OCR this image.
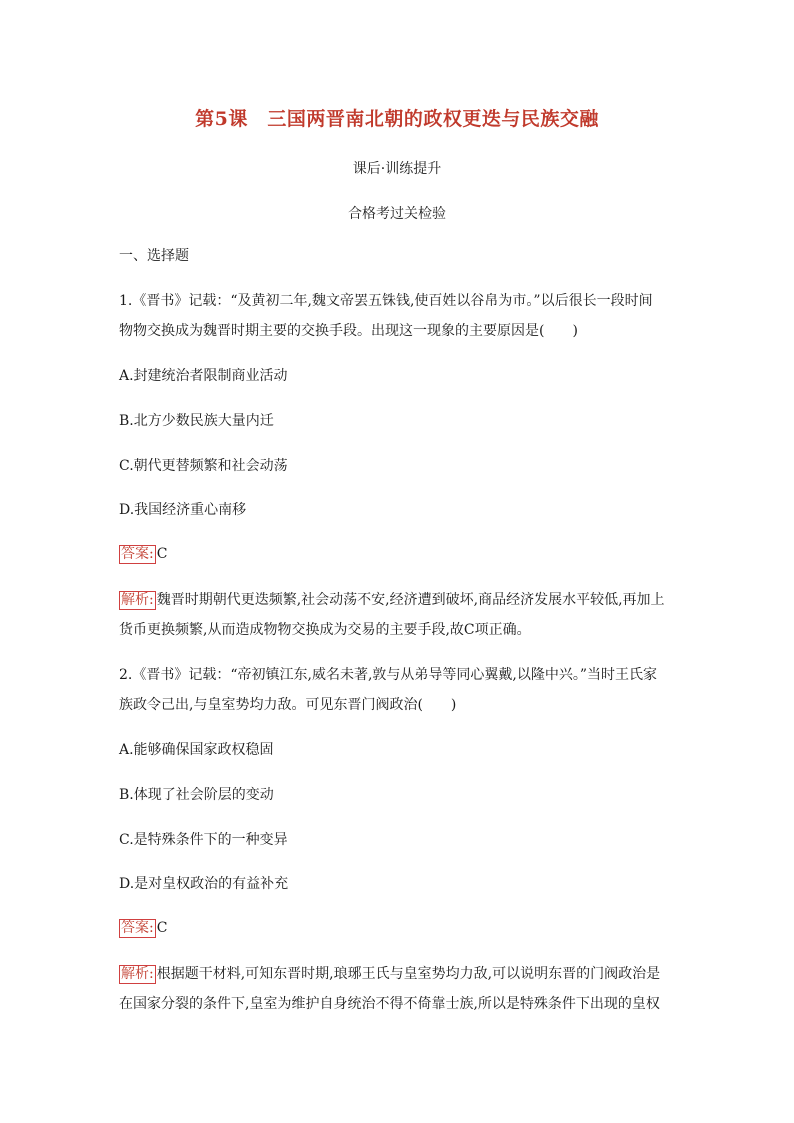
第5课　三国两晋南北朝的政权更迭与民族交融
课后·训练提升
合格考过关检验
一、选择题
1.《晋书》记载：“及黄初二年,魏文帝罢五铢钱,使百姓以谷帛为市。”以后很长一段时间
物物交换成为魏晋时期主要的交换手段。出现这一现象的主要原因是(　　)
A.封建统治者限制商业活动
B.北方少数民族大量内迁
C.朝代更替频繁和社会动荡
D.我国经济重心南移
答案: C
解析: 魏晋时期朝代更迭频繁,社会动荡不安,经济遭到破坏,商品经济发展水平较低,再加上
货币更换频繁,从而造成物物交换成为交易的主要手段,故C项正确。
2.《晋书》记载：“帝初镇江东,威名未著,敦与从弟导等同心翼戴,以隆中兴。”当时王氏家
族政令己出,与皇室势均力敌。可见东晋门阀政治(　　)
A.能够确保国家政权稳固
B.体现了社会阶层的变动
C.是特殊条件下的一种变异
D.是对皇权政治的有益补充
答案: C
解析: 根据题干材料,可知东晋时期,琅琊王氏与皇室势均力敌,可以说明东晋的门阀政治是
在国家分裂的条件下,皇室为维护自身统治不得不倚靠士族,所以是特殊条件下出现的皇权
